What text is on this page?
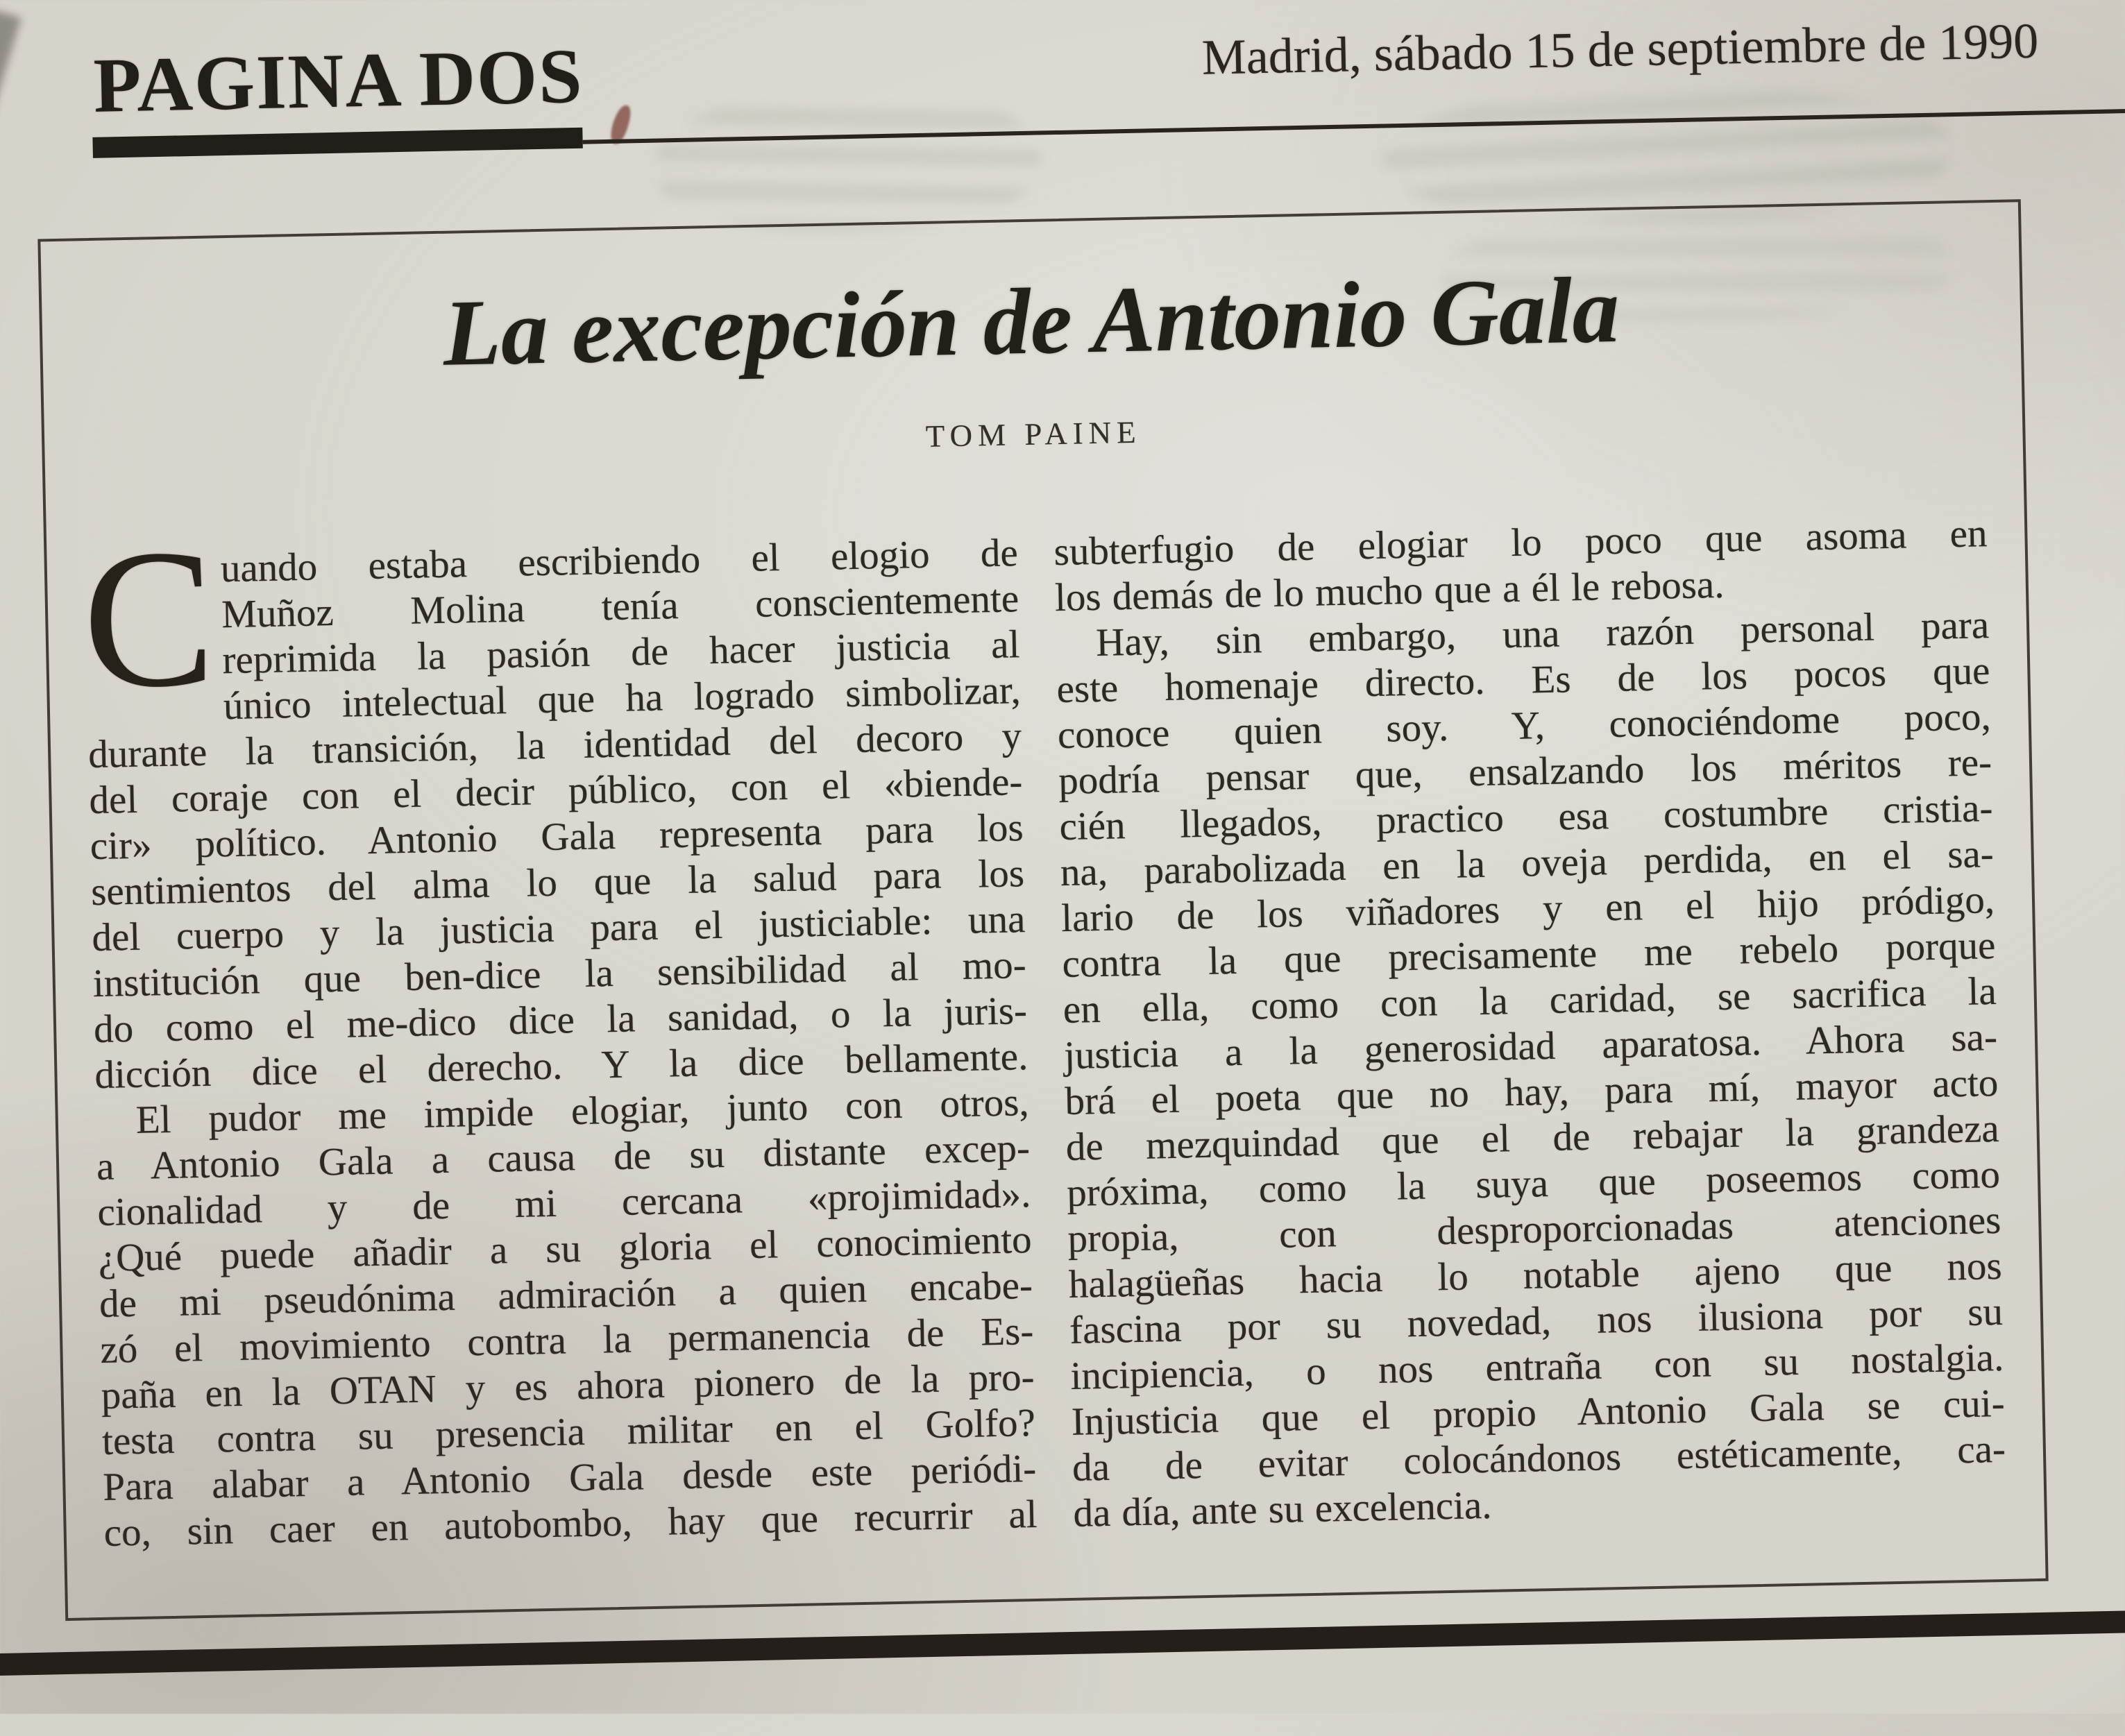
PAGINA DOS	Madrid, sábado 15 de septiembre de 1990
La excepción de Antonio Gala
TOM PAINE
C uando estaba escribiendo el elogio de
Muñoz Molina tenía conscientemente
reprimida la pasión de hacer justicia al
único intelectual que ha logrado simbolizar,
durante la transición, la identidad del decoro y
del coraje con el decir público, con el «biende-
cir» político. Antonio Gala representa para los
sentimientos del alma lo que la salud para los
del cuerpo y la justicia para el justiciable: una
institución que ben-dice la sensibilidad al mo-
do como el me-dico dice la sanidad, o la juris-
dicción dice el derecho. Y la dice bellamente.
El pudor me impide elogiar, junto con otros,
a Antonio Gala a causa de su distante excep-
cionalidad y de mi cercana «projimidad».
¿Qué puede añadir a su gloria el conocimiento
de mi pseudónima admiración a quien encabe-
zó el movimiento contra la permanencia de Es-
paña en la OTAN y es ahora pionero de la pro-
testa contra su presencia militar en el Golfo?
Para alabar a Antonio Gala desde este periódi-
co, sin caer en autobombo, hay que recurrir al
subterfugio de elogiar lo poco que asoma en
los demás de lo mucho que a él le rebosa.
Hay, sin embargo, una razón personal para
este homenaje directo. Es de los pocos que
conoce quien soy. Y, conociéndome poco,
podría pensar que, ensalzando los méritos re-
cién llegados, practico esa costumbre cristia-
na, parabolizada en la oveja perdida, en el sa-
lario de los viñadores y en el hijo pródigo,
contra la que precisamente me rebelo porque
en ella, como con la caridad, se sacrifica la
justicia a la generosidad aparatosa. Ahora sa-
brá el poeta que no hay, para mí, mayor acto
de mezquindad que el de rebajar la grandeza
próxima, como la suya que poseemos como
propia, con desproporcionadas atenciones
halagüeñas hacia lo notable ajeno que nos
fascina por su novedad, nos ilusiona por su
incipiencia, o nos entraña con su nostalgia.
Injusticia que el propio Antonio Gala se cui-
da de evitar colocándonos estéticamente, ca-
da día, ante su excelencia.
